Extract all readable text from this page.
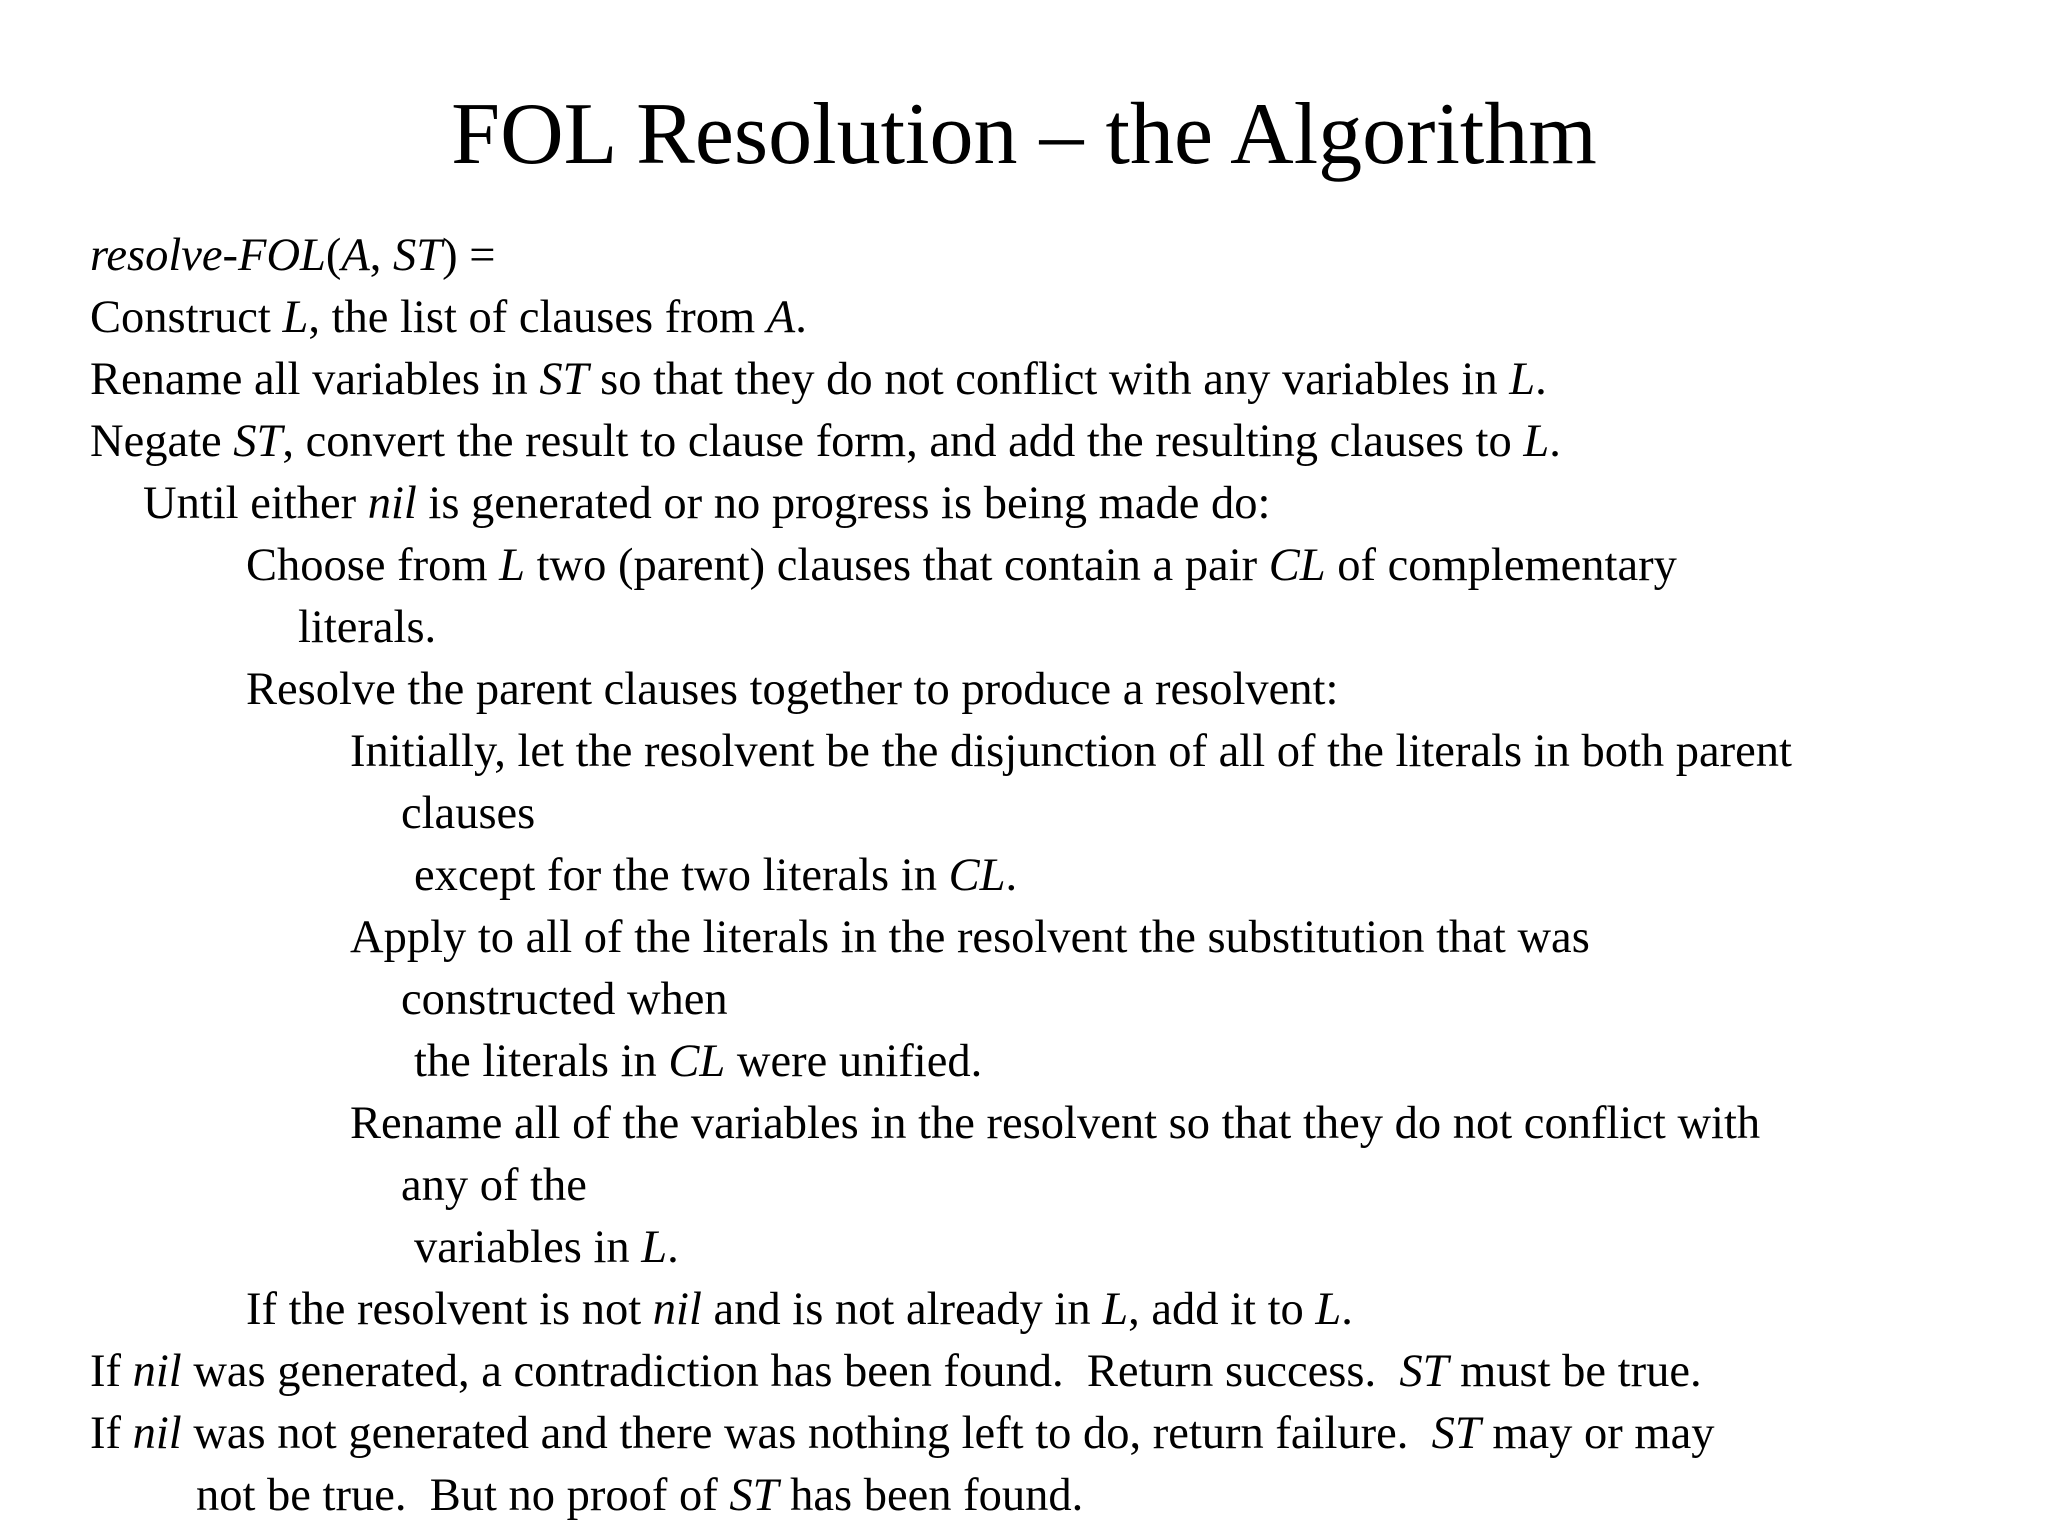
FOL Resolution – the Algorithm
resolve-FOL(A, ST) =
Construct L, the list of clauses from A.
Rename all variables in ST so that they do not conflict with any variables in L.
Negate ST, convert the result to clause form, and add the resulting clauses to L.
Until either nil is generated or no progress is being made do:
Choose from L two (parent) clauses that contain a pair CL of complementary
literals.
Resolve the parent clauses together to produce a resolvent:
Initially, let the resolvent be the disjunction of all of the literals in both parent
clauses
except for the two literals in CL.
Apply to all of the literals in the resolvent the substitution that was
constructed when
the literals in CL were unified.
Rename all of the variables in the resolvent so that they do not conflict with
any of the
variables in L.
If the resolvent is not nil and is not already in L, add it to L.
If nil was generated, a contradiction has been found.  Return success.  ST must be true.
If nil was not generated and there was nothing left to do, return failure.  ST may or may
not be true.  But no proof of ST has been found.
